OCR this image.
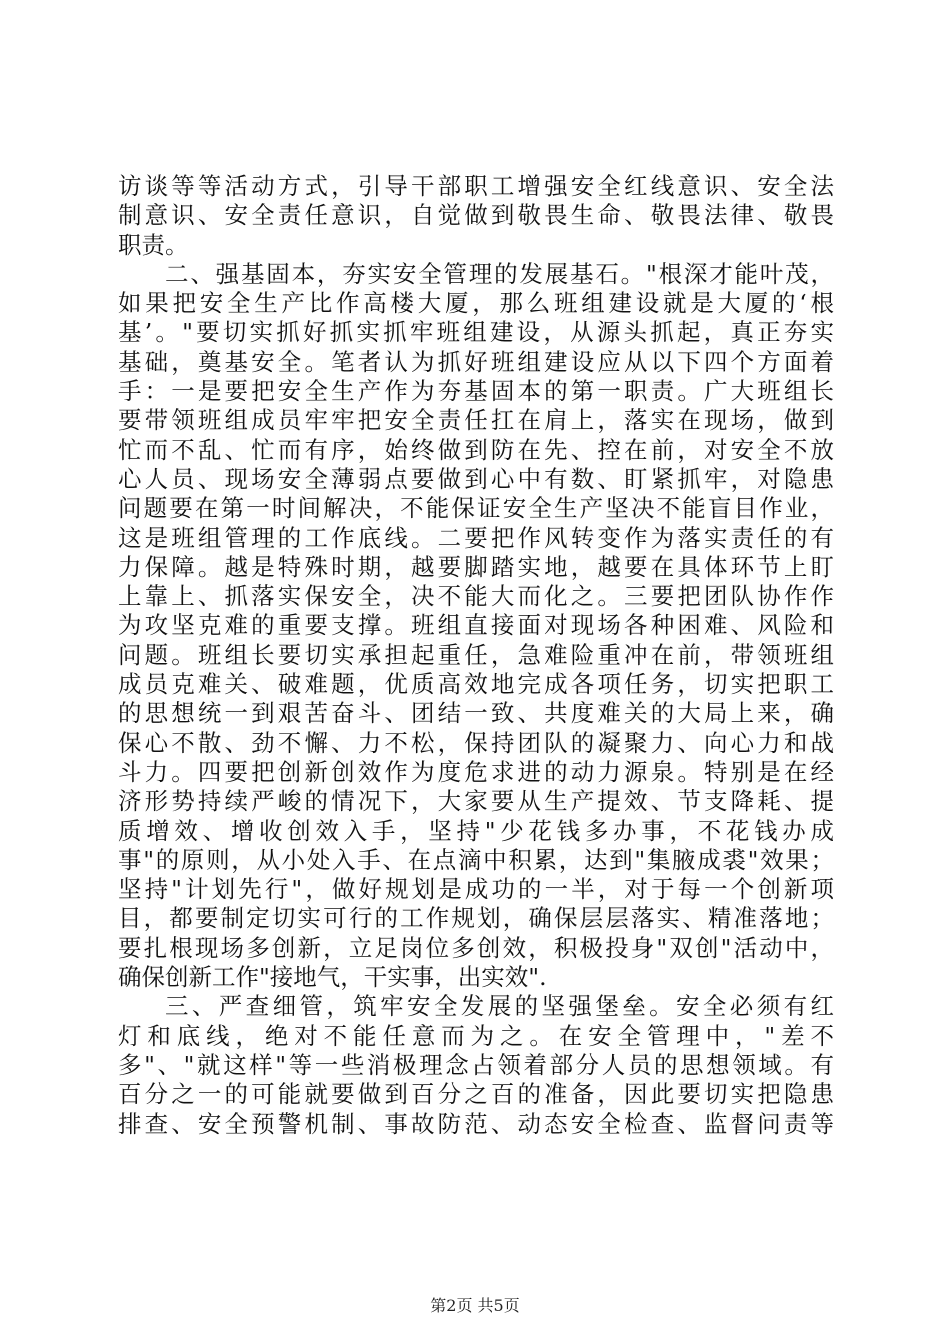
访谈等等活动方式，引导干部职工增强安全红线意识、安全法
制意识、安全责任意识，自觉做到敬畏生命、敬畏法律、敬畏
职责。
二、强基固本，夯实安全管理的发展基石。"根深才能叶茂，
如果把安全生产比作高楼大厦，那么班组建设就是大厦的‘根
基’。"要切实抓好抓实抓牢班组建设，从源头抓起，真正夯实
基础，奠基安全。笔者认为抓好班组建设应从以下四个方面着
手：一是要把安全生产作为夯基固本的第一职责。广大班组长
要带领班组成员牢牢把安全责任扛在肩上，落实在现场，做到
忙而不乱、忙而有序，始终做到防在先、控在前，对安全不放
心人员、现场安全薄弱点要做到心中有数、盯紧抓牢，对隐患
问题要在第一时间解决，不能保证安全生产坚决不能盲目作业，
这是班组管理的工作底线。二要把作风转变作为落实责任的有
力保障。越是特殊时期，越要脚踏实地，越要在具体环节上盯
上靠上、抓落实保安全，决不能大而化之。三要把团队协作作
为攻坚克难的重要支撑。班组直接面对现场各种困难、风险和
问题。班组长要切实承担起重任，急难险重冲在前，带领班组
成员克难关、破难题，优质高效地完成各项任务，切实把职工
的思想统一到艰苦奋斗、团结一致、共度难关的大局上来，确
保心不散、劲不懈、力不松，保持团队的凝聚力、向心力和战
斗力。四要把创新创效作为度危求进的动力源泉。特别是在经
济形势持续严峻的情况下，大家要从生产提效、节支降耗、提
质增效、增收创效入手，坚持"少花钱多办事，不花钱办成
事"的原则，从小处入手、在点滴中积累，达到"集腋成裘"效果；
坚持"计划先行"，做好规划是成功的一半，对于每一个创新项
目，都要制定切实可行的工作规划，确保层层落实、精准落地；
要扎根现场多创新，立足岗位多创效，积极投身"双创"活动中，
确保创新工作"接地气，干实事，出实效".
三、严查细管，筑牢安全发展的坚强堡垒。安全必须有红
灯和底线，绝对不能任意而为之。在安全管理中，"差不
多"、"就这样"等一些消极理念占领着部分人员的思想领域。有
百分之一的可能就要做到百分之百的准备，因此要切实把隐患
排查、安全预警机制、事故防范、动态安全检查、监督问责等
第2页 共5页
